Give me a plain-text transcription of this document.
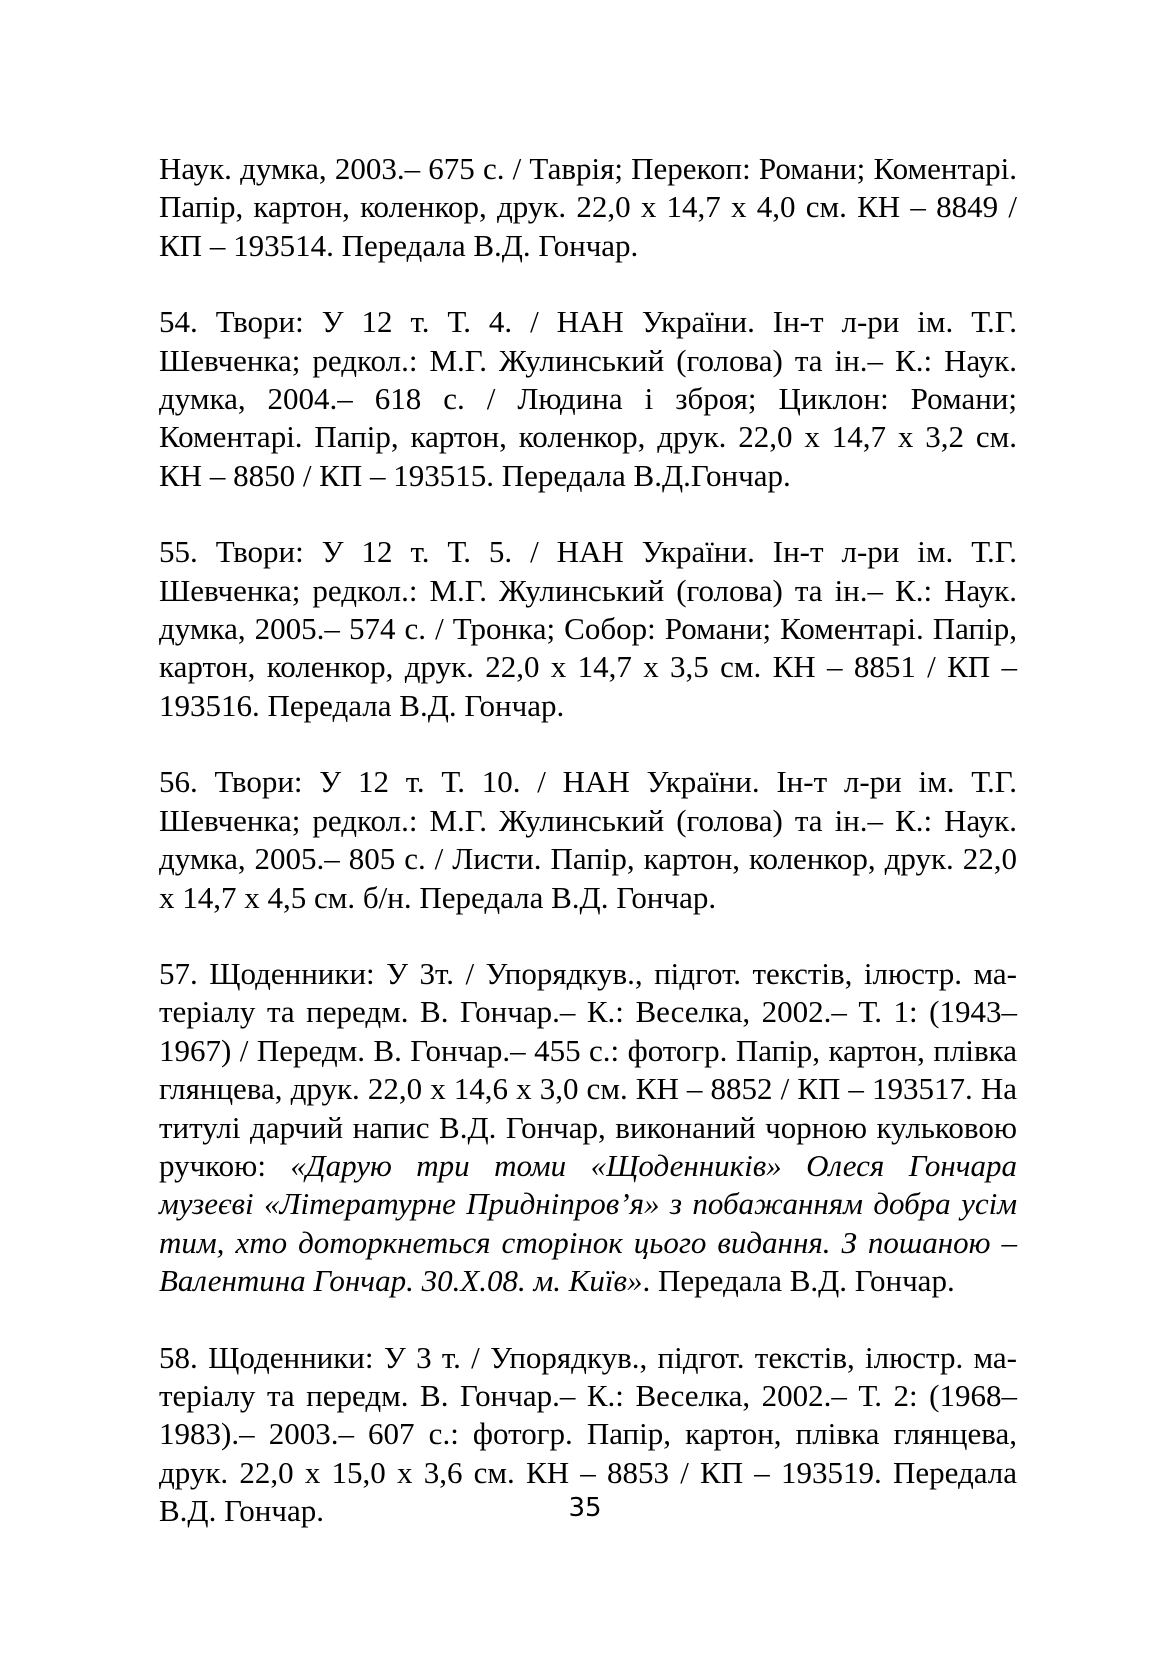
Наук. думка, 2003.– 675 с. / Таврія; Перекоп: Романи; Коментарі. Папір, картон, коленкор, друк. 22,0 х 14,7 х 4,0 см. КН – 8849 / КП – 193514. Передала В.Д. Гончар.

54. Твори: У 12 т. Т. 4. / НАН України. Ін-т л-ри ім. Т.Г. Шевченка; редкол.: М.Г. Жулинський (голова) та ін.– К.: Наук. думка, 2004.– 618 с. / Людина і зброя; Циклон: Романи; Коментарі. Папір, картон, коленкор, друк. 22,0 х 14,7 х 3,2 см. КН – 8850 / КП – 193515. Передала В.Д.Гончар.

55. Твори: У 12 т. Т. 5. / НАН України. Ін-т л-ри ім. Т.Г. Шевченка; редкол.: М.Г. Жулинський (голова) та ін.– К.: Наук. думка, 2005.– 574 с. / Тронка; Собор: Романи; Коментарі. Папір, картон, коленкор, друк. 22,0 х 14,7 х 3,5 см. КН – 8851 / КП – 193516. Передала В.Д. Гончар.

56. Твори: У 12 т. Т. 10. / НАН України. Ін-т л-ри ім. Т.Г. Шевченка; редкол.: М.Г. Жулинський (голова) та ін.– К.: Наук. думка, 2005.– 805 с. / Листи. Папір, картон, коленкор, друк. 22,0 х 14,7 х 4,5 см. б/н. Передала В.Д. Гончар.

57. Щоденники: У 3т. / Упорядкув., підгот. текстів, ілюстр. матеріалу та передм. В. Гончар.– К.: Веселка, 2002.– Т. 1: (1943–1967) / Передм. В. Гончар.– 455 с.: фотогр. Папір, картон, плівка глянцева, друк. 22,0 х 14,6 х 3,0 см. КН – 8852 / КП – 193517. На титулі дарчий напис В.Д. Гончар, виконаний чорною кульковою ручкою: «Дарую три томи «Щоденників» Олеся Гончара музеєві «Літературне Придніпров’я» з побажанням добра усім тим, хто доторкнеться сторінок цього видання. З пошаною – Валентина Гончар. 30.Х.08. м. Київ». Передала В.Д. Гончар.

58. Щоденники: У 3 т. / Упорядкув., підгот. текстів, ілюстр. матеріалу та передм. В. Гончар.– К.: Веселка, 2002.– Т. 2: (1968–1983).– 2003.– 607 с.: фотогр. Папір, картон, плівка глянцева, друк. 22,0 х 15,0 х 3,6 см. КН – 8853 / КП – 193519. Передала В.Д. Гончар.	35
